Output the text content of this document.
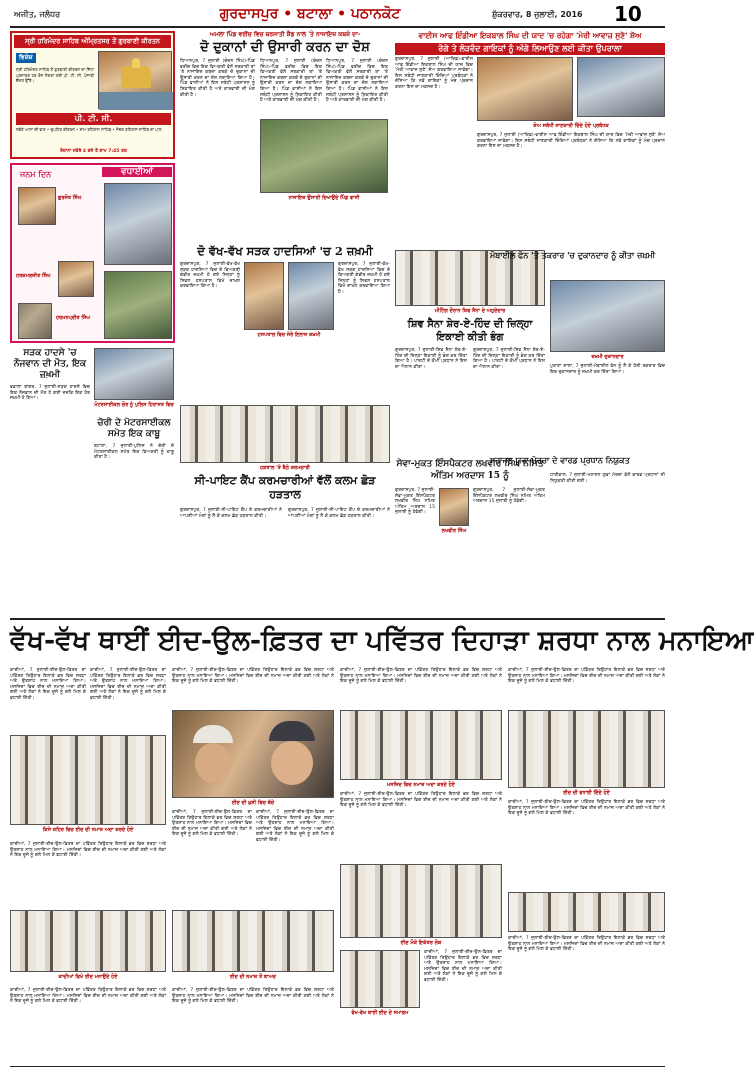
ਅਜੀਤ, ਜਲੰਧਰ	ਗੁਰਦਾਸਪੁਰ • ਬਟਾਲਾ • ਪਠਾਨਕੋਟ	ਸ਼ੁੱਕਰਵਾਰ, 8 ਜੁਲਾਈ, 2016 10
ਸ੍ਰੀ ਹਰਿਮੰਦਰ ਸਾਹਿਬ ਅੰਮ੍ਰਿਤਸਰ ਤੋਂ ਗੁਰਬਾਣੀ ਕੀਰਤਨ
ਵਿਸ਼ੇਸ਼
ਸ੍ਰੀ ਹਰਿਮੰਦਰ ਸਾਹਿਬ ਤੋਂ ਗੁਰਬਾਣੀ ਕੀਰਤਨ ਦਾ ਸਿੱਧਾ ਪ੍ਰਸਾਰਣ ਹਰ ਰੋਜ਼ ਸੰਗਤਾਂ ਲਈ ਪੀ. ਟੀ. ਸੀ. ਪੰਜਾਬੀ ਚੈਨਲ ਉੱਤੇ।
ਪੀ. ਟੀ. ਸੀ.
ਸਵੇਰੇ ਆਸਾ ਦੀ ਵਾਰ • ਦੁਪਹਿਰ ਕੀਰਤਨ • ਸ਼ਾਮ ਰਹਿਰਾਸ ਸਾਹਿਬ • ਸੋਦਰ ਰਹਿਰਾਸ ਸਾਹਿਬ ਦਾ ਪਾਠ
ਰੋਜ਼ਾਨਾ ਸਵੇਰੇ 4 ਵਜੇ ਤੋਂ ਸ਼ਾਮ 7:45 ਤਕ
ਵਧਾਈਆਂ
ਜਨਮ ਦਿਨ
ਗੁਰਜੋਤ ਸਿੰਘ
ਹਰਕਮਲਜੀਤ ਸਿੰਘ
ਹਰਮਨਪ੍ਰੀਤ ਸਿੰਘ
ਸੜਕ ਹਾਦਸੇ 'ਚ ਨੌਜਵਾਨ ਦੀ ਮੌਤ, ਇਕ ਜ਼ਖ਼ਮੀ
ਵਡਾਲਾ ਬਾਂਗਰ, 7 ਜੁਲਾਈ-ਸੜਕ ਹਾਦਸੇ ਵਿਚ ਇਕ ਨੌਜਵਾਨ ਦੀ ਮੌਤ ਹੋ ਗਈ ਜਦਕਿ ਇਕ ਹੋਰ ਜ਼ਖ਼ਮੀ ਹੋ ਗਿਆ।
ਮੋਟਰਸਾਈਕਲ ਚੋਰ ਨੂੰ ਪੁਲਿਸ ਹਿਰਾਸਤ ਵਿਚ
ਚੋਰੀ ਦੇ ਮੋਟਰਸਾਈਕਲ ਸਮੇਤ ਇਕ ਕਾਬੂ
ਬਟਾਲਾ, 7 ਜੁਲਾਈ-ਪੁਲਿਸ ਨੇ ਚੋਰੀ ਦੇ ਮੋਟਰਸਾਈਕਲ ਸਮੇਤ ਇਕ ਵਿਅਕਤੀ ਨੂੰ ਕਾਬੂ ਕੀਤਾ ਹੈ।
ਅਮਲਾ ਪਿੰਡ ਵਰੀਂਚ ਵਿਚ ਬਰਸਾਤੀ ਸ਼ੈਡ ਨਾਲ 'ਤੇ ਨਾਜਾਇਜ਼ ਕਬਜ਼ੇ ਦਾ-
ਦੋ ਦੁਕਾਨਾਂ ਦੀ ਉਸਾਰੀ ਕਰਨ ਦਾ ਦੋਸ਼
ਧਿਆਨਪੁਰ, 7 ਜੁਲਾਈ (ਚੰਦਨ ਸਿੰਘ)-ਪਿੰਡ ਵਰੀਂਚ ਵਿਚ ਇਕ ਵਿਅਕਤੀ ਵੱਲੋਂ ਸਰਕਾਰੀ ਥਾਂ 'ਤੇ ਨਾਜਾਇਜ਼ ਕਬਜ਼ਾ ਕਰਕੇ ਦੋ ਦੁਕਾਨਾਂ ਦੀ ਉਸਾਰੀ ਕਰਨ ਦਾ ਦੋਸ਼ ਲਗਾਇਆ ਗਿਆ ਹੈ। ਪਿੰਡ ਵਾਸੀਆਂ ਨੇ ਇਸ ਸਬੰਧੀ ਪ੍ਰਸ਼ਾਸਨ ਨੂੰ ਸ਼ਿਕਾਇਤ ਕੀਤੀ ਹੈ ਅਤੇ ਕਾਰਵਾਈ ਦੀ ਮੰਗ ਕੀਤੀ ਹੈ।
ਧਿਆਨਪੁਰ, 7 ਜੁਲਾਈ (ਚੰਦਨ ਸਿੰਘ)-ਪਿੰਡ ਵਰੀਂਚ ਵਿਚ ਇਕ ਵਿਅਕਤੀ ਵੱਲੋਂ ਸਰਕਾਰੀ ਥਾਂ 'ਤੇ ਨਾਜਾਇਜ਼ ਕਬਜ਼ਾ ਕਰਕੇ ਦੋ ਦੁਕਾਨਾਂ ਦੀ ਉਸਾਰੀ ਕਰਨ ਦਾ ਦੋਸ਼ ਲਗਾਇਆ ਗਿਆ ਹੈ। ਪਿੰਡ ਵਾਸੀਆਂ ਨੇ ਇਸ ਸਬੰਧੀ ਪ੍ਰਸ਼ਾਸਨ ਨੂੰ ਸ਼ਿਕਾਇਤ ਕੀਤੀ ਹੈ ਅਤੇ ਕਾਰਵਾਈ ਦੀ ਮੰਗ ਕੀਤੀ ਹੈ।
ਨਾਜਾਇਜ਼ ਉਸਾਰੀ ਦਿਖਾਉਂਦੇ ਪਿੰਡ ਵਾਸੀ
ਧਿਆਨਪੁਰ, 7 ਜੁਲਾਈ (ਚੰਦਨ ਸਿੰਘ)-ਪਿੰਡ ਵਰੀਂਚ ਵਿਚ ਇਕ ਵਿਅਕਤੀ ਵੱਲੋਂ ਸਰਕਾਰੀ ਥਾਂ 'ਤੇ ਨਾਜਾਇਜ਼ ਕਬਜ਼ਾ ਕਰਕੇ ਦੋ ਦੁਕਾਨਾਂ ਦੀ ਉਸਾਰੀ ਕਰਨ ਦਾ ਦੋਸ਼ ਲਗਾਇਆ ਗਿਆ ਹੈ। ਪਿੰਡ ਵਾਸੀਆਂ ਨੇ ਇਸ ਸਬੰਧੀ ਪ੍ਰਸ਼ਾਸਨ ਨੂੰ ਸ਼ਿਕਾਇਤ ਕੀਤੀ ਹੈ ਅਤੇ ਕਾਰਵਾਈ ਦੀ ਮੰਗ ਕੀਤੀ ਹੈ।
ਦੋ ਵੱਖ-ਵੱਖ ਸੜਕ ਹਾਦਸਿਆਂ 'ਚ 2 ਜ਼ਖ਼ਮੀ
ਗੁਰਦਾਸਪੁਰ, 7 ਜੁਲਾਈ-ਵੱਖ-ਵੱਖ ਸੜਕ ਹਾਦਸਿਆਂ ਵਿਚ ਦੋ ਵਿਅਕਤੀ ਗੰਭੀਰ ਜ਼ਖ਼ਮੀ ਹੋ ਗਏ ਜਿਨ੍ਹਾਂ ਨੂੰ ਸਿਵਲ ਹਸਪਤਾਲ ਵਿਖੇ ਦਾਖ਼ਲ ਕਰਵਾਇਆ ਗਿਆ ਹੈ।
ਗੁਰਦਾਸਪੁਰ, 7 ਜੁਲਾਈ-ਵੱਖ-ਵੱਖ ਸੜਕ ਹਾਦਸਿਆਂ ਵਿਚ ਦੋ ਵਿਅਕਤੀ ਗੰਭੀਰ ਜ਼ਖ਼ਮੀ ਹੋ ਗਏ ਜਿਨ੍ਹਾਂ ਨੂੰ ਸਿਵਲ ਹਸਪਤਾਲ ਵਿਖੇ ਦਾਖ਼ਲ ਕਰਵਾਇਆ ਗਿਆ ਹੈ।
ਹਸਪਤਾਲ ਵਿਚ ਜੇਰੇ ਇਲਾਜ ਜ਼ਖ਼ਮੀ
ਹੜਤਾਲ 'ਤੇ ਬੈਠੇ ਕਰਮਚਾਰੀ
ਸੀ-ਪਾਇਟ ਕੈਂਪ ਕਰਮਚਾਰੀਆਂ ਵੱਲੋਂ ਕਲਮ ਛੋੜ ਹੜਤਾਲ
ਗੁਰਦਾਸਪੁਰ, 7 ਜੁਲਾਈ-ਸੀ-ਪਾਇਟ ਕੈਂਪ ਦੇ ਕਰਮਚਾਰੀਆਂ ਨੇ ਆਪਣੀਆਂ ਮੰਗਾਂ ਨੂੰ ਲੈ ਕੇ ਕਲਮ ਛੋੜ ਹੜਤਾਲ ਕੀਤੀ।
ਗੁਰਦਾਸਪੁਰ, 7 ਜੁਲਾਈ-ਸੀ-ਪਾਇਟ ਕੈਂਪ ਦੇ ਕਰਮਚਾਰੀਆਂ ਨੇ ਆਪਣੀਆਂ ਮੰਗਾਂ ਨੂੰ ਲੈ ਕੇ ਕਲਮ ਛੋੜ ਹੜਤਾਲ ਕੀਤੀ।
ਵਾਈਸ ਆਫ ਇੰਡੀਆ ਇਕਬਾਲ ਸਿੰਘ ਦੀ ਯਾਦ 'ਚ ਰਹੇਗਾ 'ਮੇਰੀ ਆਵਾਜ਼ ਸੁਣੋ' ਸ਼ੋਅ
ਰੋਗੇ ਤੇ ਲੋੜਵੰਦ ਗਾਇਕਾਂ ਨੂੰ ਅੱਗੇ ਲਿਆਉਣ ਲਈ ਕੀਤਾ ਉਪਰਾਲਾ
ਗੁਰਦਾਸਪੁਰ, 7 ਜੁਲਾਈ (ਆਰਿਫ਼)-ਵਾਈਸ ਆਫ ਇੰਡੀਆ ਇਕਬਾਲ ਸਿੰਘ ਦੀ ਯਾਦ ਵਿਚ 'ਮੇਰੀ ਆਵਾਜ਼ ਸੁਣੋ' ਸ਼ੋਅ ਕਰਵਾਇਆ ਜਾਵੇਗਾ। ਇਸ ਸਬੰਧੀ ਜਾਣਕਾਰੀ ਦਿੰਦਿਆਂ ਪ੍ਰਬੰਧਕਾਂ ਨੇ ਦੱਸਿਆ ਕਿ ਨਵੇਂ ਗਾਇਕਾਂ ਨੂੰ ਮੰਚ ਪ੍ਰਦਾਨ ਕਰਨਾ ਇਸ ਦਾ ਮਕਸਦ ਹੈ।
ਸ਼ੋਅ ਸਬੰਧੀ ਜਾਣਕਾਰੀ ਦਿੰਦੇ ਹੋਏ ਪ੍ਰਬੰਧਕ
ਗੁਰਦਾਸਪੁਰ, 7 ਜੁਲਾਈ (ਆਰਿਫ਼)-ਵਾਈਸ ਆਫ ਇੰਡੀਆ ਇਕਬਾਲ ਸਿੰਘ ਦੀ ਯਾਦ ਵਿਚ 'ਮੇਰੀ ਆਵਾਜ਼ ਸੁਣੋ' ਸ਼ੋਅ ਕਰਵਾਇਆ ਜਾਵੇਗਾ। ਇਸ ਸਬੰਧੀ ਜਾਣਕਾਰੀ ਦਿੰਦਿਆਂ ਪ੍ਰਬੰਧਕਾਂ ਨੇ ਦੱਸਿਆ ਕਿ ਨਵੇਂ ਗਾਇਕਾਂ ਨੂੰ ਮੰਚ ਪ੍ਰਦਾਨ ਕਰਨਾ ਇਸ ਦਾ ਮਕਸਦ ਹੈ।
ਮੀਟਿੰਗ ਦੌਰਾਨ ਸ਼ਿਵ ਸੈਨਾ ਦੇ ਅਹੁਦੇਦਾਰ
ਸ਼ਿਵ ਸੈਨਾ ਸ਼ੇਰ-ਏ-ਹਿੰਦ ਦੀ ਜ਼ਿਲ੍ਹਾ ਇਕਾਈ ਕੀਤੀ ਭੰਗ
ਗੁਰਦਾਸਪੁਰ, 7 ਜੁਲਾਈ-ਸ਼ਿਵ ਸੈਨਾ ਸ਼ੇਰ-ਏ-ਹਿੰਦ ਦੀ ਜ਼ਿਲ੍ਹਾ ਇਕਾਈ ਨੂੰ ਭੰਗ ਕਰ ਦਿੱਤਾ ਗਿਆ ਹੈ। ਪਾਰਟੀ ਦੇ ਕੌਮੀ ਪ੍ਰਧਾਨ ਨੇ ਇਸ ਦਾ ਐਲਾਨ ਕੀਤਾ।
ਗੁਰਦਾਸਪੁਰ, 7 ਜੁਲਾਈ-ਸ਼ਿਵ ਸੈਨਾ ਸ਼ੇਰ-ਏ-ਹਿੰਦ ਦੀ ਜ਼ਿਲ੍ਹਾ ਇਕਾਈ ਨੂੰ ਭੰਗ ਕਰ ਦਿੱਤਾ ਗਿਆ ਹੈ। ਪਾਰਟੀ ਦੇ ਕੌਮੀ ਪ੍ਰਧਾਨ ਨੇ ਇਸ ਦਾ ਐਲਾਨ ਕੀਤਾ।
ਮੋਬਾਈਲ ਫੋਨ 'ਤੇ ਤਕਰਾਰ 'ਚ ਦੁਕਾਨਦਾਰ ਨੂੰ ਕੀਤਾ ਜ਼ਖ਼ਮੀ
ਜ਼ਖ਼ਮੀ ਦੁਕਾਨਦਾਰ
ਪੁਰਾਣਾ ਸ਼ਾਲਾ, 7 ਜੁਲਾਈ-ਮੋਬਾਈਲ ਫੋਨ ਨੂੰ ਲੈ ਕੇ ਹੋਈ ਤਕਰਾਰ ਵਿਚ ਇਕ ਦੁਕਾਨਦਾਰ ਨੂੰ ਜ਼ਖ਼ਮੀ ਕਰ ਦਿੱਤਾ ਗਿਆ।
ਸੇਵਾ-ਮੁਕਤ ਇੰਸਪੈਕਟਰ ਲਖਵੀਰ ਸਿੰਘ ਨਮਿਤ ਅੰਤਿਮ ਅਰਦਾਸ 15 ਨੂੰ
ਗੁਰਦਾਸਪੁਰ, 7 ਜੁਲਾਈ-ਸੇਵਾ-ਮੁਕਤ ਇੰਸਪੈਕਟਰ ਲਖਵੀਰ ਸਿੰਘ ਨਮਿਤ ਅੰਤਿਮ ਅਰਦਾਸ 15 ਜੁਲਾਈ ਨੂੰ ਹੋਵੇਗੀ।
ਲਖਵੀਰ ਸਿੰਘ
ਗੁਰਦਾਸਪੁਰ, 7 ਜੁਲਾਈ-ਸੇਵਾ-ਮੁਕਤ ਇੰਸਪੈਕਟਰ ਲਖਵੀਰ ਸਿੰਘ ਨਮਿਤ ਅੰਤਿਮ ਅਰਦਾਸ 15 ਜੁਲਾਈ ਨੂੰ ਹੋਵੇਗੀ।
ਮਹਾਜਨ ਯੁਵਾ ਮੋਰਚਾ ਦੇ ਵਾਰਡ ਪ੍ਰਧਾਨ ਨਿਯੁਕਤ
ਧਾਰੀਵਾਲ, 7 ਜੁਲਾਈ-ਮਹਾਜਨ ਯੁਵਾ ਮੋਰਚਾ ਵੱਲੋਂ ਵਾਰਡ ਪ੍ਰਧਾਨਾਂ ਦੀ ਨਿਯੁਕਤੀ ਕੀਤੀ ਗਈ।
ਵੱਖ-ਵੱਖ ਥਾਈਂ ਈਦ-ਉਲ-ਫ਼ਿਤਰ ਦਾ ਪਵਿੱਤਰ ਦਿਹਾੜਾ ਸ਼ਰਧਾ ਨਾਲ ਮਨਾਇਆ
ਕਾਦੀਆਂ, 7 ਜੁਲਾਈ-ਈਦ-ਉਲ-ਫ਼ਿਤਰ ਦਾ ਪਵਿੱਤਰ ਤਿਉਹਾਰ ਇਲਾਕੇ ਭਰ ਵਿਚ ਸ਼ਰਧਾ ਅਤੇ ਉਤਸ਼ਾਹ ਨਾਲ ਮਨਾਇਆ ਗਿਆ। ਮਸਜਿਦਾਂ ਵਿਚ ਈਦ ਦੀ ਨਮਾਜ਼ ਅਦਾ ਕੀਤੀ ਗਈ ਅਤੇ ਲੋਕਾਂ ਨੇ ਇਕ ਦੂਜੇ ਨੂੰ ਗਲੇ ਮਿਲ ਕੇ ਵਧਾਈ ਦਿੱਤੀ।
ਕਾਦੀਆਂ, 7 ਜੁਲਾਈ-ਈਦ-ਉਲ-ਫ਼ਿਤਰ ਦਾ ਪਵਿੱਤਰ ਤਿਉਹਾਰ ਇਲਾਕੇ ਭਰ ਵਿਚ ਸ਼ਰਧਾ ਅਤੇ ਉਤਸ਼ਾਹ ਨਾਲ ਮਨਾਇਆ ਗਿਆ। ਮਸਜਿਦਾਂ ਵਿਚ ਈਦ ਦੀ ਨਮਾਜ਼ ਅਦਾ ਕੀਤੀ ਗਈ ਅਤੇ ਲੋਕਾਂ ਨੇ ਇਕ ਦੂਜੇ ਨੂੰ ਗਲੇ ਮਿਲ ਕੇ ਵਧਾਈ ਦਿੱਤੀ।
ਕਿਸੇ ਸ਼ਹਿਰ ਵਿਚ ਈਦ ਦੀ ਨਮਾਜ਼ ਅਦਾ ਕਰਦੇ ਹੋਏ
ਕਾਦੀਆਂ, 7 ਜੁਲਾਈ-ਈਦ-ਉਲ-ਫ਼ਿਤਰ ਦਾ ਪਵਿੱਤਰ ਤਿਉਹਾਰ ਇਲਾਕੇ ਭਰ ਵਿਚ ਸ਼ਰਧਾ ਅਤੇ ਉਤਸ਼ਾਹ ਨਾਲ ਮਨਾਇਆ ਗਿਆ। ਮਸਜਿਦਾਂ ਵਿਚ ਈਦ ਦੀ ਨਮਾਜ਼ ਅਦਾ ਕੀਤੀ ਗਈ ਅਤੇ ਲੋਕਾਂ ਨੇ ਇਕ ਦੂਜੇ ਨੂੰ ਗਲੇ ਮਿਲ ਕੇ ਵਧਾਈ ਦਿੱਤੀ।
ਕਾਦੀਆਂ ਵਿਖੇ ਈਦ ਮਨਾਉਂਦੇ ਹੋਏ
ਕਾਦੀਆਂ, 7 ਜੁਲਾਈ-ਈਦ-ਉਲ-ਫ਼ਿਤਰ ਦਾ ਪਵਿੱਤਰ ਤਿਉਹਾਰ ਇਲਾਕੇ ਭਰ ਵਿਚ ਸ਼ਰਧਾ ਅਤੇ ਉਤਸ਼ਾਹ ਨਾਲ ਮਨਾਇਆ ਗਿਆ। ਮਸਜਿਦਾਂ ਵਿਚ ਈਦ ਦੀ ਨਮਾਜ਼ ਅਦਾ ਕੀਤੀ ਗਈ ਅਤੇ ਲੋਕਾਂ ਨੇ ਇਕ ਦੂਜੇ ਨੂੰ ਗਲੇ ਮਿਲ ਕੇ ਵਧਾਈ ਦਿੱਤੀ।
ਕਾਦੀਆਂ, 7 ਜੁਲਾਈ-ਈਦ-ਉਲ-ਫ਼ਿਤਰ ਦਾ ਪਵਿੱਤਰ ਤਿਉਹਾਰ ਇਲਾਕੇ ਭਰ ਵਿਚ ਸ਼ਰਧਾ ਅਤੇ ਉਤਸ਼ਾਹ ਨਾਲ ਮਨਾਇਆ ਗਿਆ। ਮਸਜਿਦਾਂ ਵਿਚ ਈਦ ਦੀ ਨਮਾਜ਼ ਅਦਾ ਕੀਤੀ ਗਈ ਅਤੇ ਲੋਕਾਂ ਨੇ ਇਕ ਦੂਜੇ ਨੂੰ ਗਲੇ ਮਿਲ ਕੇ ਵਧਾਈ ਦਿੱਤੀ।
ਈਦ ਦੀ ਖ਼ੁਸ਼ੀ ਵਿਚ ਬੱਚੇ
ਕਾਦੀਆਂ, 7 ਜੁਲਾਈ-ਈਦ-ਉਲ-ਫ਼ਿਤਰ ਦਾ ਪਵਿੱਤਰ ਤਿਉਹਾਰ ਇਲਾਕੇ ਭਰ ਵਿਚ ਸ਼ਰਧਾ ਅਤੇ ਉਤਸ਼ਾਹ ਨਾਲ ਮਨਾਇਆ ਗਿਆ। ਮਸਜਿਦਾਂ ਵਿਚ ਈਦ ਦੀ ਨਮਾਜ਼ ਅਦਾ ਕੀਤੀ ਗਈ ਅਤੇ ਲੋਕਾਂ ਨੇ ਇਕ ਦੂਜੇ ਨੂੰ ਗਲੇ ਮਿਲ ਕੇ ਵਧਾਈ ਦਿੱਤੀ।
ਕਾਦੀਆਂ, 7 ਜੁਲਾਈ-ਈਦ-ਉਲ-ਫ਼ਿਤਰ ਦਾ ਪਵਿੱਤਰ ਤਿਉਹਾਰ ਇਲਾਕੇ ਭਰ ਵਿਚ ਸ਼ਰਧਾ ਅਤੇ ਉਤਸ਼ਾਹ ਨਾਲ ਮਨਾਇਆ ਗਿਆ। ਮਸਜਿਦਾਂ ਵਿਚ ਈਦ ਦੀ ਨਮਾਜ਼ ਅਦਾ ਕੀਤੀ ਗਈ ਅਤੇ ਲੋਕਾਂ ਨੇ ਇਕ ਦੂਜੇ ਨੂੰ ਗਲੇ ਮਿਲ ਕੇ ਵਧਾਈ ਦਿੱਤੀ।
ਈਦ ਦੀ ਨਮਾਜ਼ ਤੋਂ ਬਾਅਦ
ਕਾਦੀਆਂ, 7 ਜੁਲਾਈ-ਈਦ-ਉਲ-ਫ਼ਿਤਰ ਦਾ ਪਵਿੱਤਰ ਤਿਉਹਾਰ ਇਲਾਕੇ ਭਰ ਵਿਚ ਸ਼ਰਧਾ ਅਤੇ ਉਤਸ਼ਾਹ ਨਾਲ ਮਨਾਇਆ ਗਿਆ। ਮਸਜਿਦਾਂ ਵਿਚ ਈਦ ਦੀ ਨਮਾਜ਼ ਅਦਾ ਕੀਤੀ ਗਈ ਅਤੇ ਲੋਕਾਂ ਨੇ ਇਕ ਦੂਜੇ ਨੂੰ ਗਲੇ ਮਿਲ ਕੇ ਵਧਾਈ ਦਿੱਤੀ।
ਕਾਦੀਆਂ, 7 ਜੁਲਾਈ-ਈਦ-ਉਲ-ਫ਼ਿਤਰ ਦਾ ਪਵਿੱਤਰ ਤਿਉਹਾਰ ਇਲਾਕੇ ਭਰ ਵਿਚ ਸ਼ਰਧਾ ਅਤੇ ਉਤਸ਼ਾਹ ਨਾਲ ਮਨਾਇਆ ਗਿਆ। ਮਸਜਿਦਾਂ ਵਿਚ ਈਦ ਦੀ ਨਮਾਜ਼ ਅਦਾ ਕੀਤੀ ਗਈ ਅਤੇ ਲੋਕਾਂ ਨੇ ਇਕ ਦੂਜੇ ਨੂੰ ਗਲੇ ਮਿਲ ਕੇ ਵਧਾਈ ਦਿੱਤੀ।
ਮਸਜਿਦ ਵਿਚ ਨਮਾਜ਼ ਅਦਾ ਕਰਦੇ ਹੋਏ
ਕਾਦੀਆਂ, 7 ਜੁਲਾਈ-ਈਦ-ਉਲ-ਫ਼ਿਤਰ ਦਾ ਪਵਿੱਤਰ ਤਿਉਹਾਰ ਇਲਾਕੇ ਭਰ ਵਿਚ ਸ਼ਰਧਾ ਅਤੇ ਉਤਸ਼ਾਹ ਨਾਲ ਮਨਾਇਆ ਗਿਆ। ਮਸਜਿਦਾਂ ਵਿਚ ਈਦ ਦੀ ਨਮਾਜ਼ ਅਦਾ ਕੀਤੀ ਗਈ ਅਤੇ ਲੋਕਾਂ ਨੇ ਇਕ ਦੂਜੇ ਨੂੰ ਗਲੇ ਮਿਲ ਕੇ ਵਧਾਈ ਦਿੱਤੀ।
ਈਦ ਮੌਕੇ ਇਕੱਤਰ ਲੋਕ
ਕਾਦੀਆਂ, 7 ਜੁਲਾਈ-ਈਦ-ਉਲ-ਫ਼ਿਤਰ ਦਾ ਪਵਿੱਤਰ ਤਿਉਹਾਰ ਇਲਾਕੇ ਭਰ ਵਿਚ ਸ਼ਰਧਾ ਅਤੇ ਉਤਸ਼ਾਹ ਨਾਲ ਮਨਾਇਆ ਗਿਆ। ਮਸਜਿਦਾਂ ਵਿਚ ਈਦ ਦੀ ਨਮਾਜ਼ ਅਦਾ ਕੀਤੀ ਗਈ ਅਤੇ ਲੋਕਾਂ ਨੇ ਇਕ ਦੂਜੇ ਨੂੰ ਗਲੇ ਮਿਲ ਕੇ ਵਧਾਈ ਦਿੱਤੀ।
ਵੱਖ-ਵੱਖ ਥਾਈਂ ਈਦ ਦੇ ਸਮਾਗਮ
ਕਾਦੀਆਂ, 7 ਜੁਲਾਈ-ਈਦ-ਉਲ-ਫ਼ਿਤਰ ਦਾ ਪਵਿੱਤਰ ਤਿਉਹਾਰ ਇਲਾਕੇ ਭਰ ਵਿਚ ਸ਼ਰਧਾ ਅਤੇ ਉਤਸ਼ਾਹ ਨਾਲ ਮਨਾਇਆ ਗਿਆ। ਮਸਜਿਦਾਂ ਵਿਚ ਈਦ ਦੀ ਨਮਾਜ਼ ਅਦਾ ਕੀਤੀ ਗਈ ਅਤੇ ਲੋਕਾਂ ਨੇ ਇਕ ਦੂਜੇ ਨੂੰ ਗਲੇ ਮਿਲ ਕੇ ਵਧਾਈ ਦਿੱਤੀ।
ਈਦ ਦੀ ਵਧਾਈ ਦਿੰਦੇ ਹੋਏ
ਕਾਦੀਆਂ, 7 ਜੁਲਾਈ-ਈਦ-ਉਲ-ਫ਼ਿਤਰ ਦਾ ਪਵਿੱਤਰ ਤਿਉਹਾਰ ਇਲਾਕੇ ਭਰ ਵਿਚ ਸ਼ਰਧਾ ਅਤੇ ਉਤਸ਼ਾਹ ਨਾਲ ਮਨਾਇਆ ਗਿਆ। ਮਸਜਿਦਾਂ ਵਿਚ ਈਦ ਦੀ ਨਮਾਜ਼ ਅਦਾ ਕੀਤੀ ਗਈ ਅਤੇ ਲੋਕਾਂ ਨੇ ਇਕ ਦੂਜੇ ਨੂੰ ਗਲੇ ਮਿਲ ਕੇ ਵਧਾਈ ਦਿੱਤੀ।
ਕਾਦੀਆਂ, 7 ਜੁਲਾਈ-ਈਦ-ਉਲ-ਫ਼ਿਤਰ ਦਾ ਪਵਿੱਤਰ ਤਿਉਹਾਰ ਇਲਾਕੇ ਭਰ ਵਿਚ ਸ਼ਰਧਾ ਅਤੇ ਉਤਸ਼ਾਹ ਨਾਲ ਮਨਾਇਆ ਗਿਆ। ਮਸਜਿਦਾਂ ਵਿਚ ਈਦ ਦੀ ਨਮਾਜ਼ ਅਦਾ ਕੀਤੀ ਗਈ ਅਤੇ ਲੋਕਾਂ ਨੇ ਇਕ ਦੂਜੇ ਨੂੰ ਗਲੇ ਮਿਲ ਕੇ ਵਧਾਈ ਦਿੱਤੀ।
